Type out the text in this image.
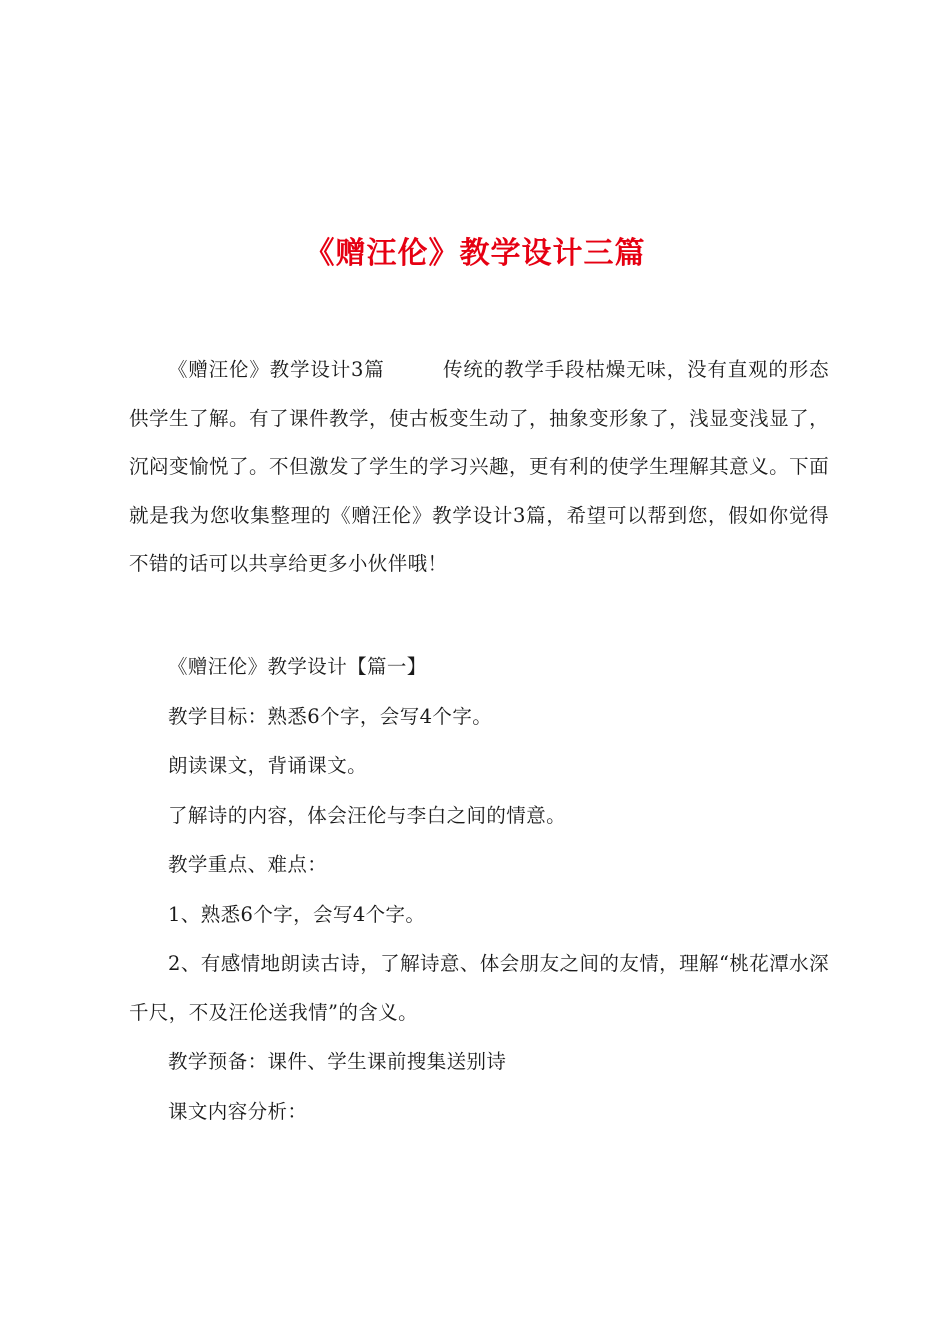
《赠汪伦》教学设计三篇

《赠汪伦》教学设计3篇	传统的教学手段枯燥无味，没有直观的形态供学生了解。有了课件教学，使古板变生动了，抽象变形象了，浅显变浅显了，沉闷变愉悦了。不但激发了学生的学习兴趣，更有利的使学生理解其意义。下面就是我为您收集整理的《赠汪伦》教学设计3篇，希望可以帮到您，假如你觉得不错的话可以共享给更多小伙伴哦！

《赠汪伦》教学设计【篇一】

教学目标：熟悉6个字，会写4个字。

朗读课文，背诵课文。

了解诗的内容，体会汪伦与李白之间的情意。

教学重点、难点：

1、熟悉6个字，会写4个字。

2、有感情地朗读古诗，了解诗意、体会朋友之间的友情，理解“桃花潭水深千尺，不及汪伦送我情”的含义。

教学预备：课件、学生课前搜集送别诗

课文内容分析：
